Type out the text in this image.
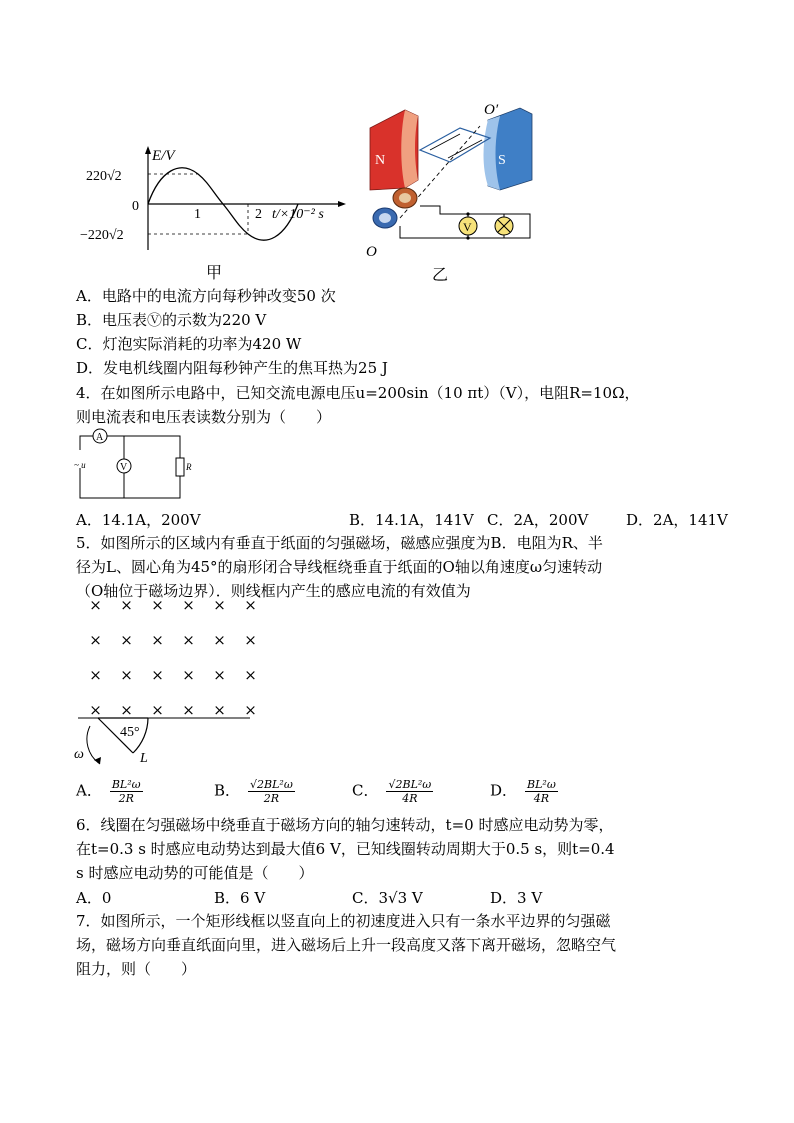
E/V
220√2
0
−220√2
1	2 t/×10⁻² s
甲
N	S
O′
O
V
乙
A．电路中的电流方向每秒钟改变50 次
B．电压表Ⓥ的示数为220 V
C．灯泡实际消耗的功率为420 W
D．发电机线圈内阻每秒钟产生的焦耳热为25 J
4．在如图所示电路中，已知交流电源电压u=200sin（10 πt）（V），电阻R=10Ω，
则电流表和电压表读数分别为（　　）
A
V	R
~ u
A．14.1A，200V	B．14.1A，141V C．2A，200V	D．2A，141V
5．如图所示的区域内有垂直于纸面的匀强磁场，磁感应强度为B．电阻为R、半
径为L、圆心角为45°的扇形闭合导线框绕垂直于纸面的O轴以角速度ω匀速转动
（O轴位于磁场边界）．则线框内产生的感应电流的有效值为
× × × × × ×
× × × × × ×
× × × × × ×
× × × × × ×
45°
L
ω
A． $\frac{\text{BL²ω}}{2R}$	B． $\frac{\text{√2BL²ω}}{2R}$	C． $\frac{\text{√2BL²ω}}{4R}$	D． $\frac{\text{BL²ω}}{4R}$
6．线圈在匀强磁场中绕垂直于磁场方向的轴匀速转动，t=0 时感应电动势为零，
在t=0.3 s 时感应电动势达到最大值6 V，已知线圈转动周期大于0.5 s，则t=0.4
s 时感应电动势的可能值是（　　）
A．0	B．6 V	C．3√3 V	D．3 V
7．如图所示，一个矩形线框以竖直向上的初速度进入只有一条水平边界的匀强磁
场，磁场方向垂直纸面向里，进入磁场后上升一段高度又落下离开磁场，忽略空气
阻力，则（　　）
